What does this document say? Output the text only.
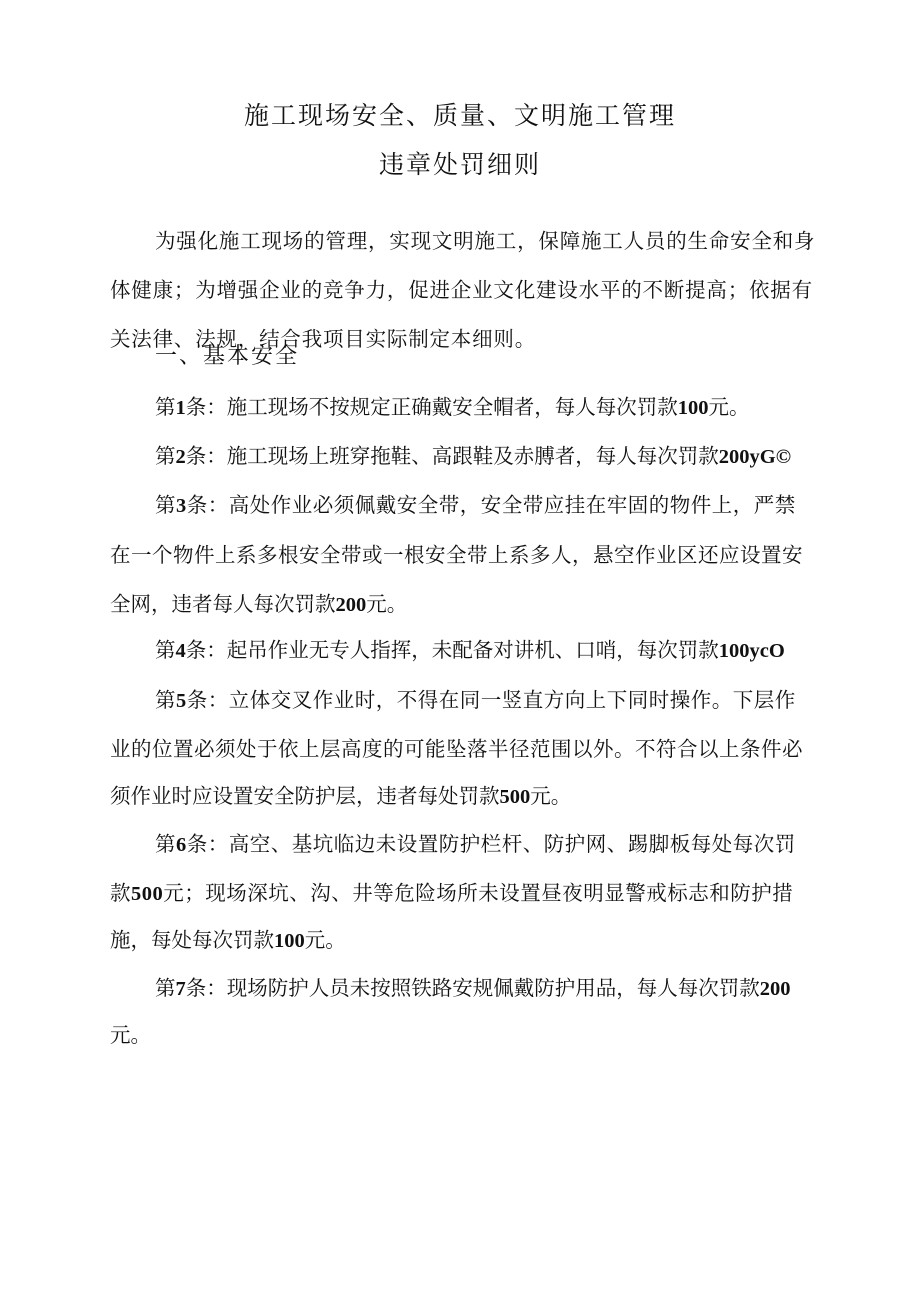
施工现场安全、质量、文明施工管理
违章处罚细则
为强化施工现场的管理，实现文明施工，保障施工人员的生命安全和身
体健康；为增强企业的竞争力，促进企业文化建设水平的不断提高；依据有
关法律、法规，结合我项目实际制定本细则。
一、基本安全
第1条：施工现场不按规定正确戴安全帽者，每人每次罚款100元。
第2条：施工现场上班穿拖鞋、高跟鞋及赤膊者，每人每次罚款200yG©
第3条：高处作业必须佩戴安全带，安全带应挂在牢固的物件上，严禁
在一个物件上系多根安全带或一根安全带上系多人，悬空作业区还应设置安
全网，违者每人每次罚款200元。
第4条：起吊作业无专人指挥，未配备对讲机、口哨，每次罚款100ycO
第5条：立体交叉作业时，不得在同一竖直方向上下同时操作。下层作
业的位置必须处于依上层高度的可能坠落半径范围以外。不符合以上条件必
须作业时应设置安全防护层，违者每处罚款500元。
第6条：高空、基坑临边未设置防护栏杆、防护网、踢脚板每处每次罚
款500元；现场深坑、沟、井等危险场所未设置昼夜明显警戒标志和防护措
施，每处每次罚款100元。
第7条：现场防护人员未按照铁路安规佩戴防护用品，每人每次罚款200
元。
